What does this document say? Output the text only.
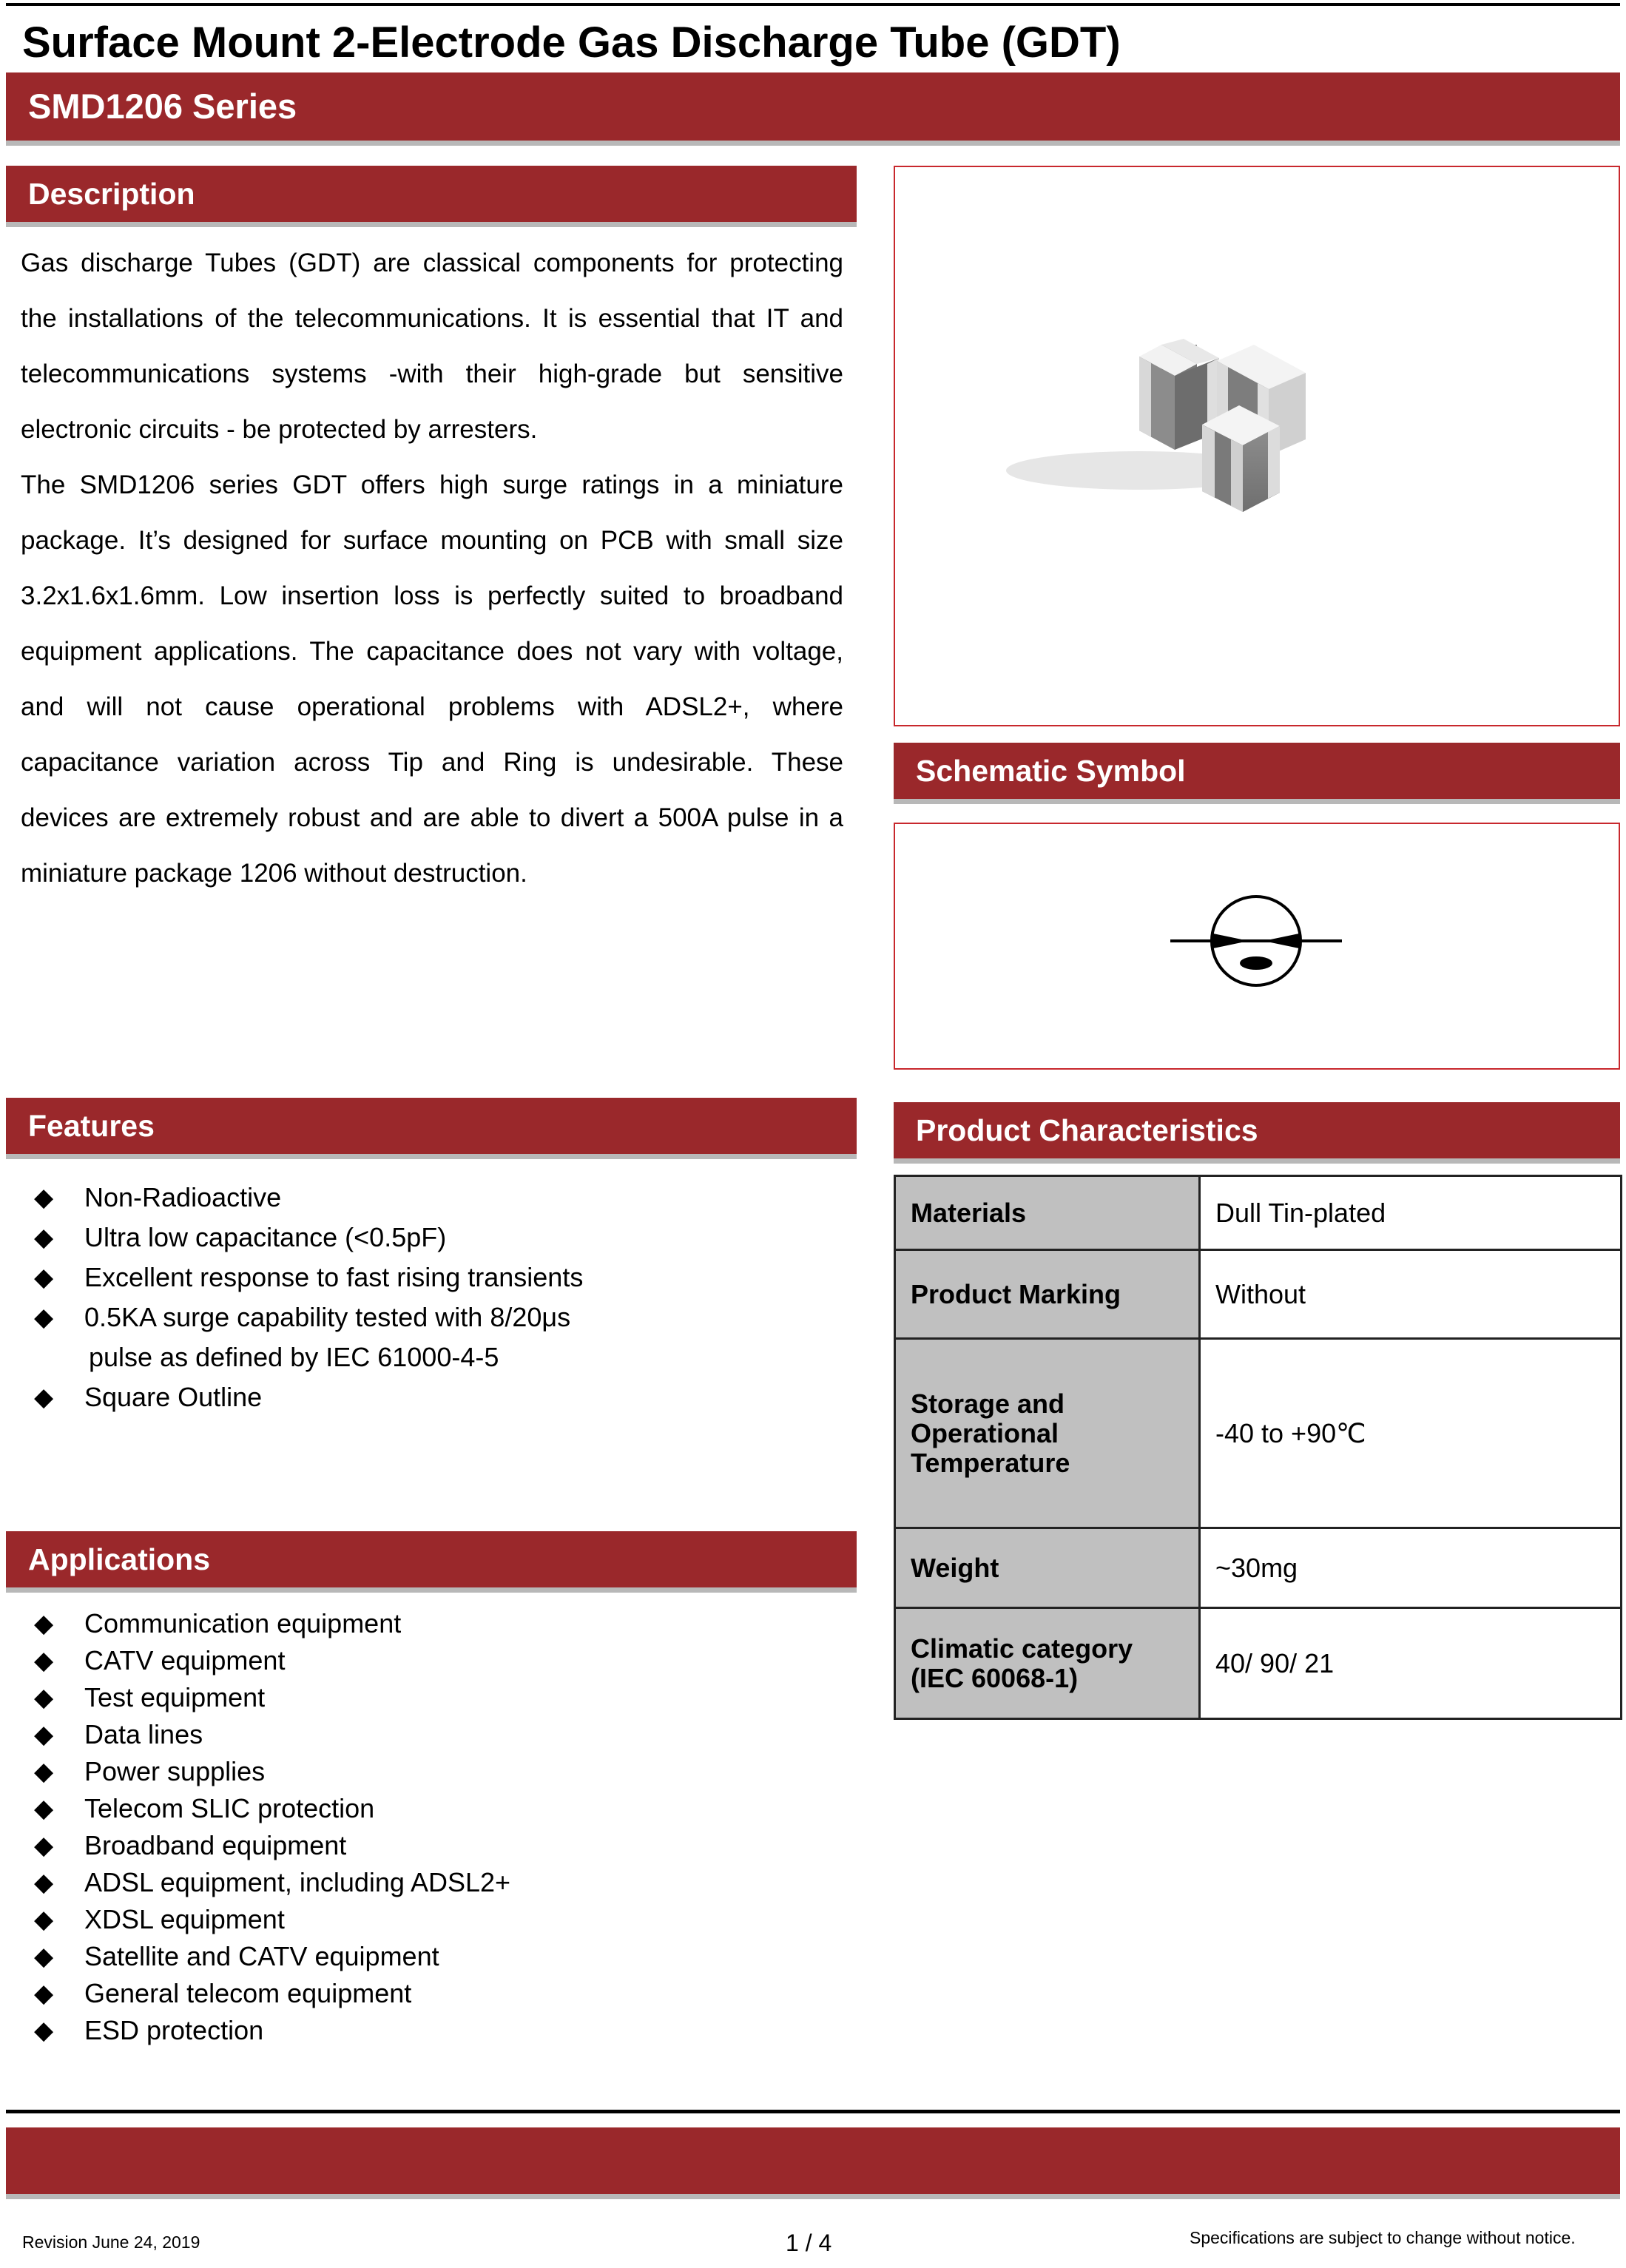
Surface Mount 2-Electrode Gas Discharge Tube (GDT)
SMD1206 Series
Description

Gas discharge Tubes (GDT) are classical components for protecting the installations of the telecommunications. It is essential that IT and telecommunications systems -with their high-grade but sensitive electronic circuits - be protected by arresters.

The SMD1206 series GDT offers high surge ratings in a miniature package. It’s designed for surface mounting on PCB with small size 3.2x1.6x1.6mm. Low insertion loss is perfectly suited to broadband equipment applications. The capacitance does not vary with voltage, and will not cause operational problems with ADSL2+, where capacitance variation across Tip and Ring is undesirable. These devices are extremely robust and are able to divert a 500A pulse in a miniature package 1206 without destruction.

Schematic Symbol
Features
◆ Non-Radioactive
◆ Ultra low capacitance (<0.5pF)
◆ Excellent response to fast rising transients
◆ 0.5KA surge capability tested with 8/20μs
pulse as defined by IEC 61000-4-5
◆ Square Outline
Applications
◆ Communication equipment
◆ CATV equipment
◆ Test equipment
◆ Data lines
◆ Power supplies
◆ Telecom SLIC protection
◆ Broadband equipment
◆ ADSL equipment, including ADSL2+
◆ XDSL equipment
◆ Satellite and CATV equipment
◆ General telecom equipment
◆ ESD protection
Product Characteristics
Materials	Dull Tin-plated
Product Marking	Without
Storage and
Operational
Temperature	-40 to +90℃
Weight	~30mg
Climatic category
(IEC 60068-1)	40/ 90/ 21
Revision June 24, 2019	1 / 4	Specifications are subject to change without notice.
